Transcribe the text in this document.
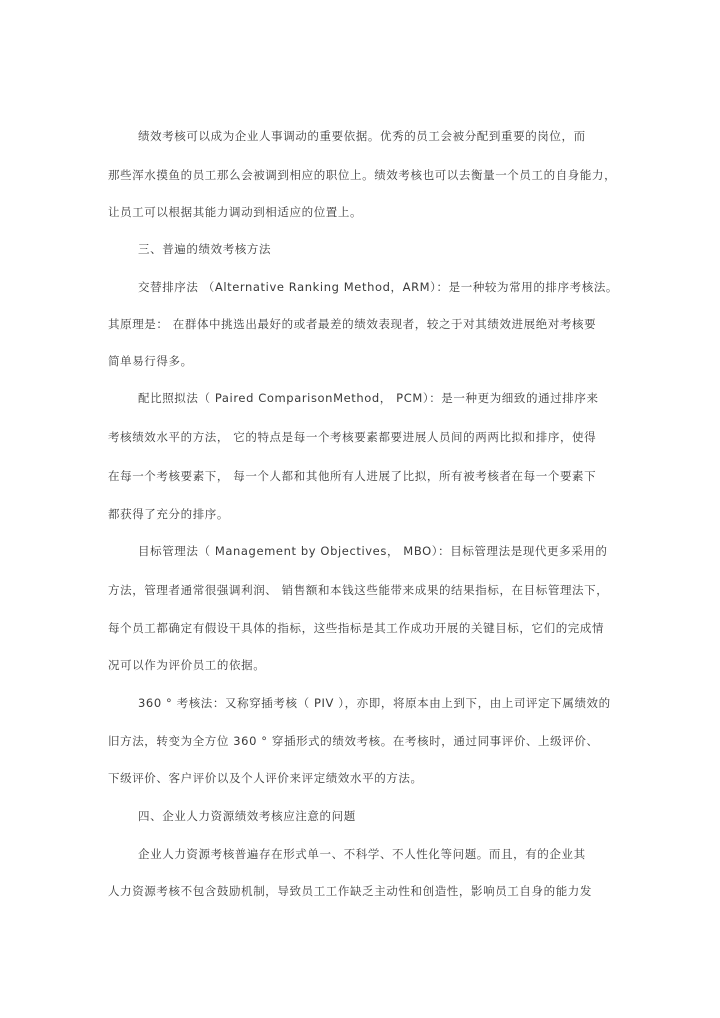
绩效考核可以成为企业人事调动的重要依据。优秀的员工会被分配到重要的岗位，而
那些浑水摸鱼的员工那么会被调到相应的职位上。绩效考核也可以去衡量一个员工的自身能力，
让员工可以根据其能力调动到相适应的位置上。
三、普遍的绩效考核方法
交替排序法 （Alternative Ranking Method，ARM）：是一种较为常用的排序考核法。
其原理是： 在群体中挑选出最好的或者最差的绩效表现者，较之于对其绩效进展绝对考核要
简单易行得多。
配比照拟法（ Paired ComparisonMethod， PCM）：是一种更为细致的通过排序来
考核绩效水平的方法， 它的特点是每一个考核要素都要进展人员间的两两比拟和排序，使得
在每一个考核要素下， 每一个人都和其他所有人进展了比拟，所有被考核者在每一个要素下
都获得了充分的排序。
目标管理法（ Management by Objectives， MBO）：目标管理法是现代更多采用的
方法，管理者通常很强调利润、 销售额和本钱这些能带来成果的结果指标，在目标管理法下，
每个员工都确定有假设干具体的指标，这些指标是其工作成功开展的关键目标，它们的完成情
况可以作为评价员工的依据。
360 ° 考核法：又称穿插考核（ PIV ），亦即，将原本由上到下，由上司评定下属绩效的
旧方法，转变为全方位 360 ° 穿插形式的绩效考核。在考核时，通过同事评价、上级评价、
下级评价、客户评价以及个人评价来评定绩效水平的方法。
四、企业人力资源绩效考核应注意的问题
企业人力资源考核普遍存在形式单一、不科学、不人性化等问题。而且，有的企业其
人力资源考核不包含鼓励机制，导致员工工作缺乏主动性和创造性，影响员工自身的能力发
